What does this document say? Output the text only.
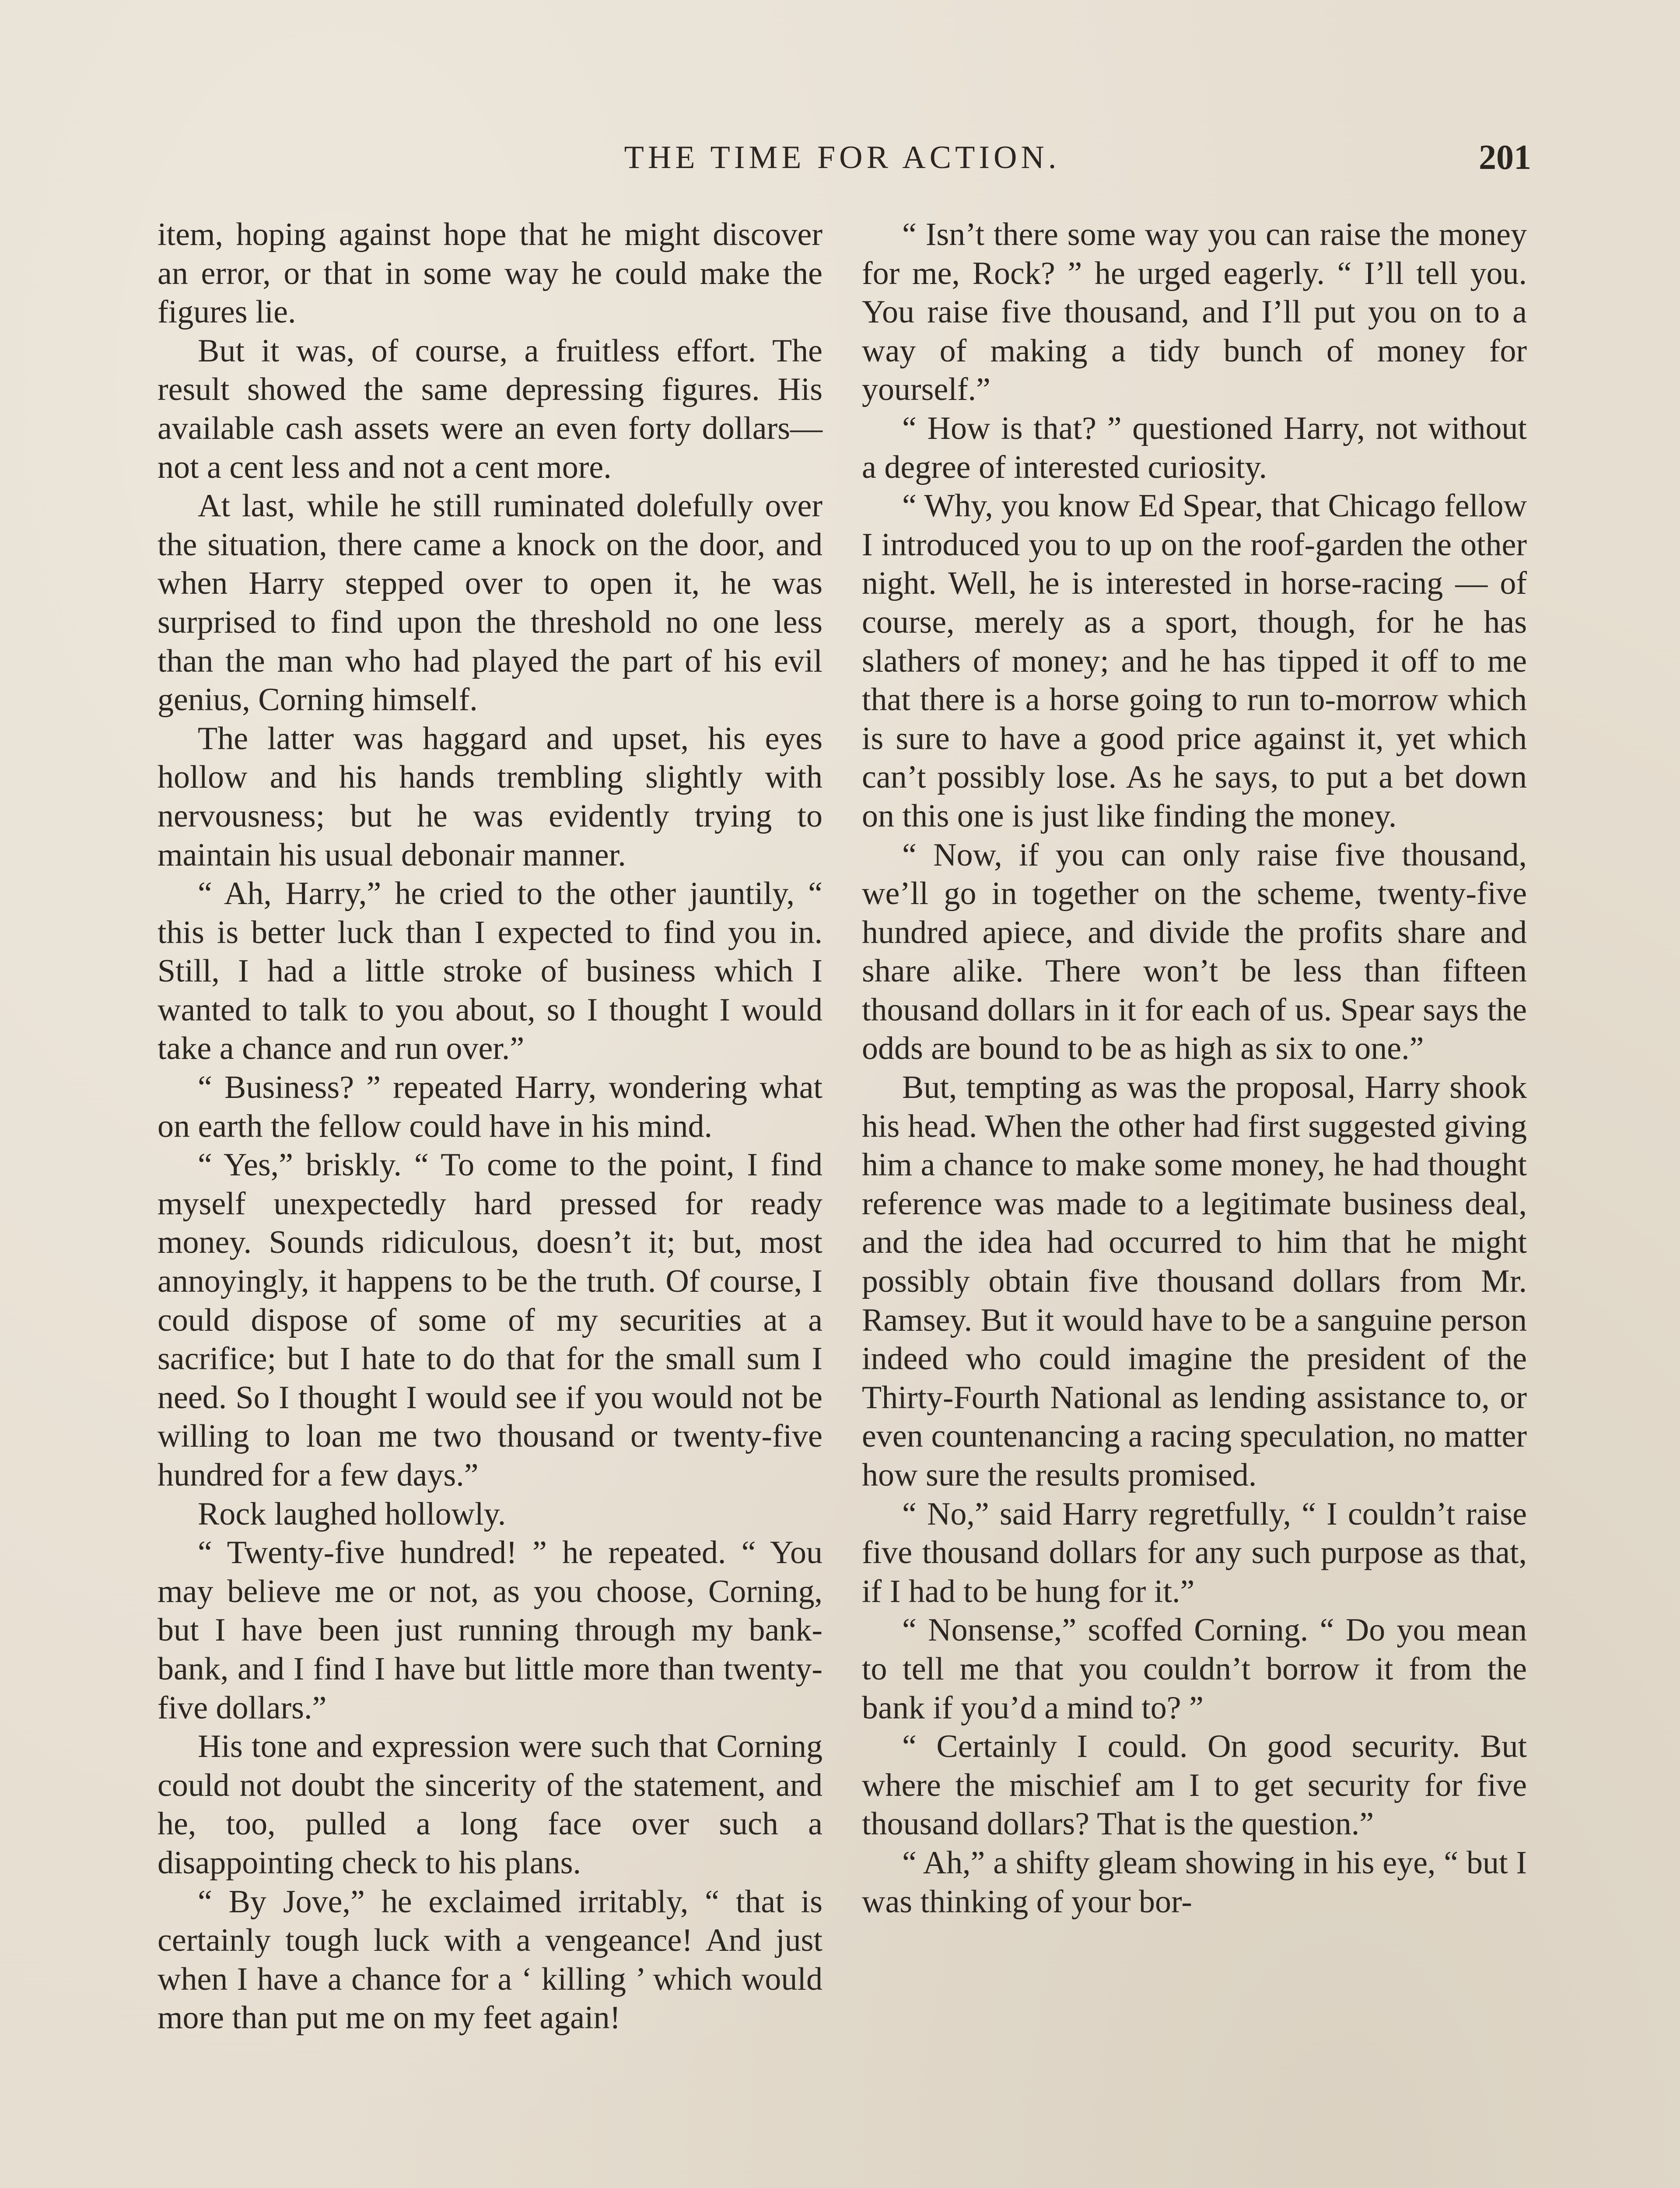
THE TIME FOR ACTION.	201

item, hoping against hope that he might discover an error, or that in some way he could make the figures lie.

But it was, of course, a fruitless effort. The result showed the same depressing figures. His available cash assets were an even forty dollars—not a cent less and not a cent more.

At last, while he still ruminated dolefully over the situation, there came a knock on the door, and when Harry stepped over to open it, he was surprised to find upon the threshold no one less than the man who had played the part of his evil genius, Corning himself.

The latter was haggard and upset, his eyes hollow and his hands trembling slightly with nervousness; but he was evidently trying to maintain his usual debonair manner.

“ Ah, Harry,” he cried to the other jauntily, “ this is better luck than I expected to find you in. Still, I had a little stroke of business which I wanted to talk to you about, so I thought I would take a chance and run over.”

“ Business? ” repeated Harry, wondering what on earth the fellow could have in his mind.

“ Yes,” briskly. “ To come to the point, I find myself unexpectedly hard pressed for ready money. Sounds ridiculous, doesn’t it; but, most annoyingly, it happens to be the truth. Of course, I could dispose of some of my securities at a sacrifice; but I hate to do that for the small sum I need. So I thought I would see if you would not be willing to loan me two thousand or twenty-five hundred for a few days.”

Rock laughed hollowly.

“ Twenty-five hundred! ” he repeated. “ You may believe me or not, as you choose, Corning, but I have been just running through my bank-bank, and I find I have but little more than twenty-five dollars.”

His tone and expression were such that Corning could not doubt the sincerity of the statement, and he, too, pulled a long face over such a disappointing check to his plans.

“ By Jove,” he exclaimed irritably, “ that is certainly tough luck with a vengeance! And just when I have a chance for a ‘ killing ’ which would more than put me on my feet again!

“ Isn’t there some way you can raise the money for me, Rock? ” he urged eagerly. “ I’ll tell you. You raise five thousand, and I’ll put you on to a way of making a tidy bunch of money for yourself.”

“ How is that? ” questioned Harry, not without a degree of interested curiosity.

“ Why, you know Ed Spear, that Chicago fellow I introduced you to up on the roof-garden the other night. Well, he is interested in horse-racing — of course, merely as a sport, though, for he has slathers of money; and he has tipped it off to me that there is a horse going to run to-morrow which is sure to have a good price against it, yet which can’t possibly lose. As he says, to put a bet down on this one is just like finding the money.

“ Now, if you can only raise five thousand, we’ll go in together on the scheme, twenty-five hundred apiece, and divide the profits share and share alike. There won’t be less than fifteen thousand dollars in it for each of us. Spear says the odds are bound to be as high as six to one.”

But, tempting as was the proposal, Harry shook his head. When the other had first suggested giving him a chance to make some money, he had thought reference was made to a legitimate business deal, and the idea had occurred to him that he might possibly obtain five thousand dollars from Mr. Ramsey. But it would have to be a sanguine person indeed who could imagine the president of the Thirty-Fourth National as lending assistance to, or even countenancing a racing speculation, no matter how sure the results promised.

“ No,” said Harry regretfully, “ I couldn’t raise five thousand dollars for any such purpose as that, if I had to be hung for it.”

“ Nonsense,” scoffed Corning. “ Do you mean to tell me that you couldn’t borrow it from the bank if you’d a mind to? ”

“ Certainly I could. On good security. But where the mischief am I to get security for five thousand dollars? That is the question.”

“ Ah,” a shifty gleam showing in his eye, “ but I was thinking of your bor-
